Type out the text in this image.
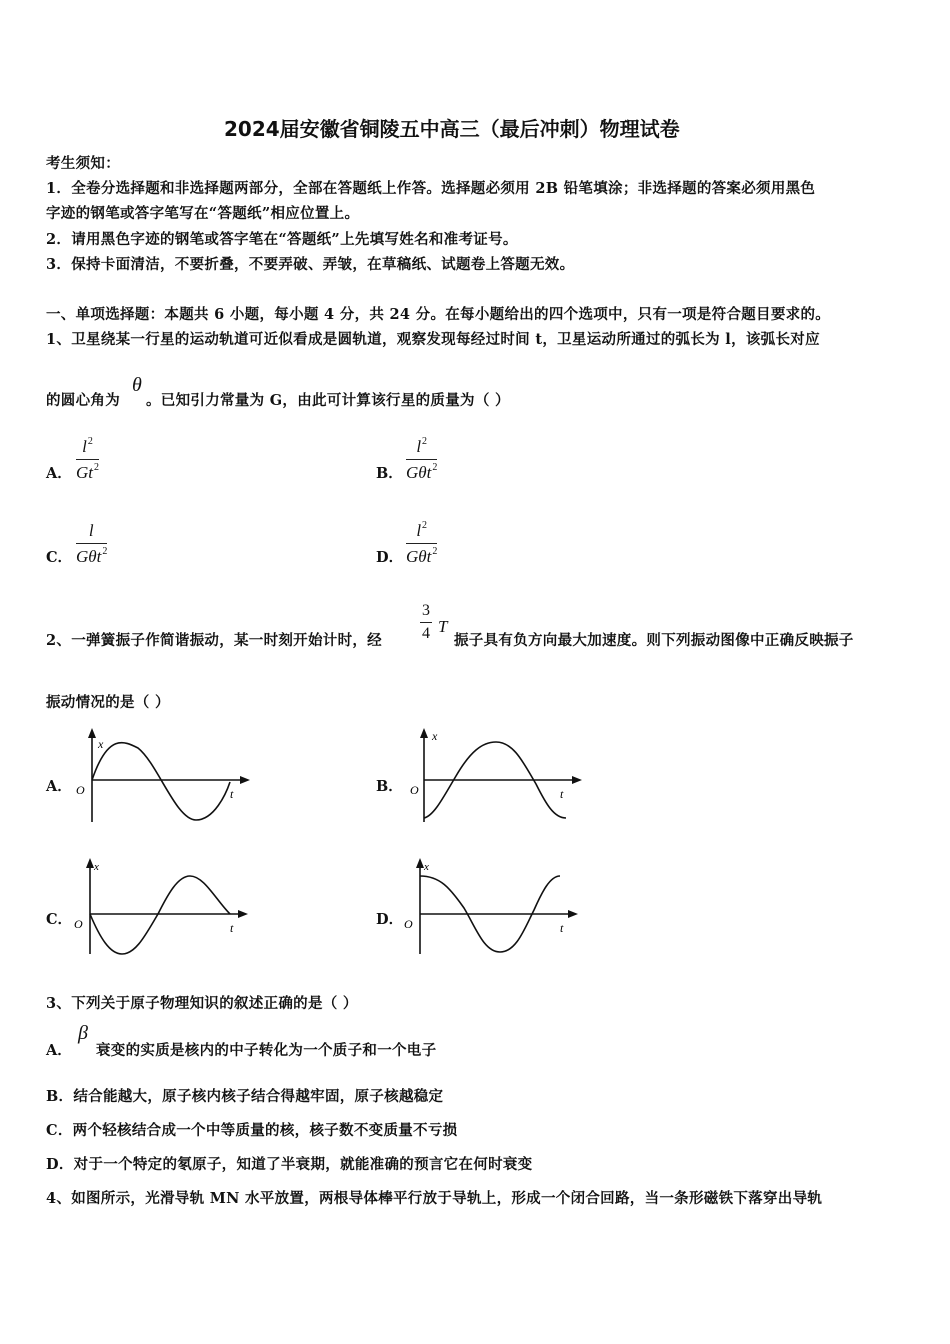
2024届安徽省铜陵五中高三（最后冲刺）物理试卷
考生须知：
1．全卷分选择题和非选择题两部分，全部在答题纸上作答。选择题必须用 2B 铅笔填涂；非选择题的答案必须用黑色
字迹的钢笔或答字笔写在“答题纸”相应位置上。
2．请用黑色字迹的钢笔或答字笔在“答题纸”上先填写姓名和准考证号。
3．保持卡面清洁，不要折叠，不要弄破、弄皱，在草稿纸、试题卷上答题无效。
一、单项选择题：本题共 6 小题，每小题 4 分，共 24 分。在每小题给出的四个选项中，只有一项是符合题目要求的。
1、卫星绕某一行星的运动轨道可近似看成是圆轨道，观察发现每经过时间 t，卫星运动所通过的弧长为 l，该弧长对应
的圆心角为
θ
。已知引力常量为 G，由此可计算该行星的质量为（ ）
A．
$l^2$
Gt$^2$	B．
$l^2$
Gθt$^2$
C．
l
Gθt$^2$	D．
$l^2$
Gθt$^2$
2、一弹簧振子作简谐振动，某一时刻开始计时，经
3
4 T
振子具有负方向最大加速度。则下列振动图像中正确反映振子
振动情况的是（ ）
A．	B．
C．	D．
x
t
O
x
t
O
x
t
O
x
t
O
3、下列关于原子物理知识的叙述正确的是（ ）
A．
β
衰变的实质是核内的中子转化为一个质子和一个电子
B．结合能越大，原子核内核子结合得越牢固，原子核越稳定
C．两个轻核结合成一个中等质量的核，核子数不变质量不亏损
D．对于一个特定的氡原子，知道了半衰期，就能准确的预言它在何时衰变
4、如图所示，光滑导轨 MN 水平放置，两根导体棒平行放于导轨上，形成一个闭合回路，当一条形磁铁下落穿出导轨
